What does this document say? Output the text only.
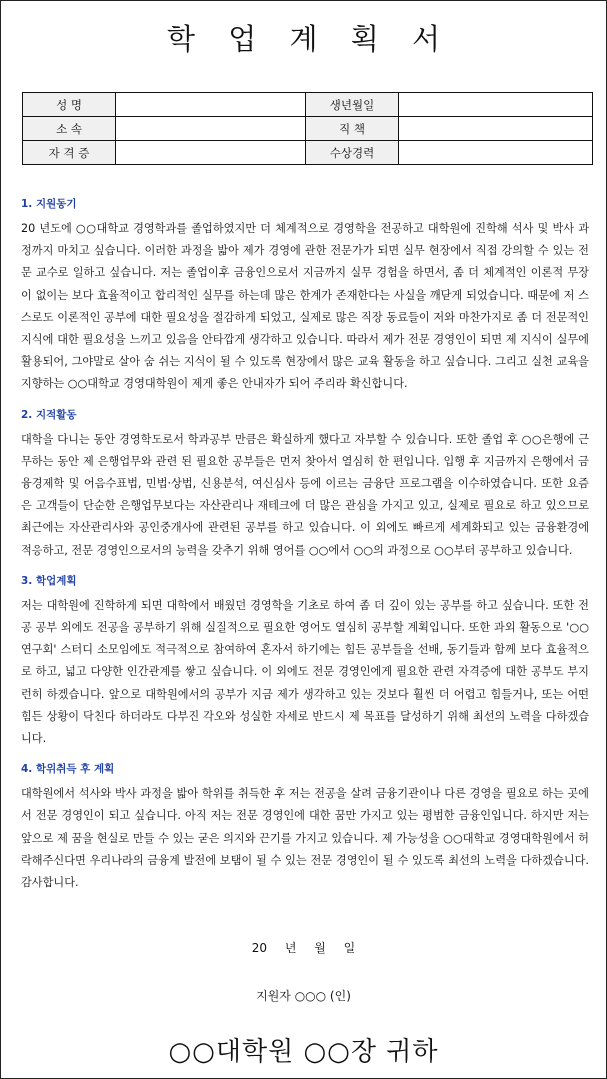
학 업 계 획 서
성 명		생년월일	
소 속		직 책	
자 격 증		수상경력	
1. 지원동기
20 년도에 ○○대학교 경영학과를 졸업하였지만 더 체계적으로 경영학을 전공하고 대학원에 진학해 석사 및 박사 과정까지 마치고 싶습니다. 이러한 과정을 밟아 제가 경영에 관한 전문가가 되면 실무 현장에서 직접 강의할 수 있는 전문 교수로 일하고 싶습니다. 저는 졸업이후 금융인으로서 지금까지 실무 경험을 하면서, 좀 더 체계적인 이론적 무장이 없이는 보다 효율적이고 합리적인 실무를 하는데 많은 한계가 존재한다는 사실을 깨닫게 되었습니다. 때문에 저 스스로도 이론적인 공부에 대한 필요성을 절감하게 되었고, 실제로 많은 직장 동료들이 저와 마찬가지로 좀 더 전문적인 지식에 대한 필요성을 느끼고 있음을 안타깝게 생각하고 있습니다. 따라서 제가 전문 경영인이 되면 제 지식이 실무에 활용되어, 그야말로 살아 숨 쉬는 지식이 될 수 있도록 현장에서 많은 교육 활동을 하고 싶습니다. 그리고 실천 교육을 지향하는 ○○대학교 경영대학원이 제게 좋은 안내자가 되어 주리라 확신합니다.
2. 지적활동
대학을 다니는 동안 경영학도로서 학과공부 만큼은 확실하게 했다고 자부할 수 있습니다. 또한 졸업 후 ○○은행에 근무하는 동안 제 은행업무와 관련 된 필요한 공부들은 먼저 찾아서 열심히 한 편입니다. 입행 후 지금까지 은행에서 금융경제학 및 어음수표법, 민법·상법, 신용분석, 여신심사 등에 이르는 금융단 프로그램을 이수하였습니다. 또한 요즘은 고객들이 단순한 은행업무보다는 자산관리나 재테크에 더 많은 관심을 가지고 있고, 실제로 필요로 하고 있으므로 최근에는 자산관리사와 공인중개사에 관련된 공부를 하고 있습니다. 이 외에도 빠르게 세계화되고 있는 금융환경에 적응하고, 전문 경영인으로서의 능력을 갖추기 위해 영어를 ○○에서 ○○의 과정으로 ○○부터 공부하고 있습니다.
3. 학업계획
저는 대학원에 진학하게 되면 대학에서 배웠던 경영학을 기초로 하여 좀 더 깊이 있는 공부를 하고 싶습니다. 또한 전공 공부 외에도 전공을 공부하기 위해 실질적으로 필요한 영어도 열심히 공부할 계획입니다. 또한 과외 활동으로 '○○연구회' 스터디 소모임에도 적극적으로 참여하여 혼자서 하기에는 힘든 공부들을 선배, 동기들과 함께 보다 효율적으로 하고, 넓고 다양한 인간관계를 쌓고 싶습니다. 이 외에도 전문 경영인에게 필요한 관련 자격증에 대한 공부도 부지런히 하겠습니다. 앞으로 대학원에서의 공부가 지금 제가 생각하고 있는 것보다 훨씬 더 어렵고 힘들거나, 또는 어떤 힘든 상황이 닥친다 하더라도 다부진 각오와 성실한 자세로 반드시 제 목표를 달성하기 위해 최선의 노력을 다하겠습니다.
4. 학위취득 후 계획
대학원에서 석사와 박사 과정을 밟아 학위를 취득한 후 저는 전공을 살려 금융기관이나 다른 경영을 필요로 하는 곳에서 전문 경영인이 되고 싶습니다. 아직 저는 전문 경영인에 대한 꿈만 가지고 있는 평범한 금융인입니다. 하지만 저는 앞으로 제 꿈을 현실로 만들 수 있는 굳은 의지와 끈기를 가지고 있습니다. 제 가능성을 ○○대학교 경영대학원에서 허락해주신다면 우리나라의 금융계 발전에 보탬이 될 수 있는 전문 경영인이 될 수 있도록 최선의 노력을 다하겠습니다. 감사합니다.
20 년 월 일
지원자 ○○○ (인)
○○대학원 ○○장 귀하
